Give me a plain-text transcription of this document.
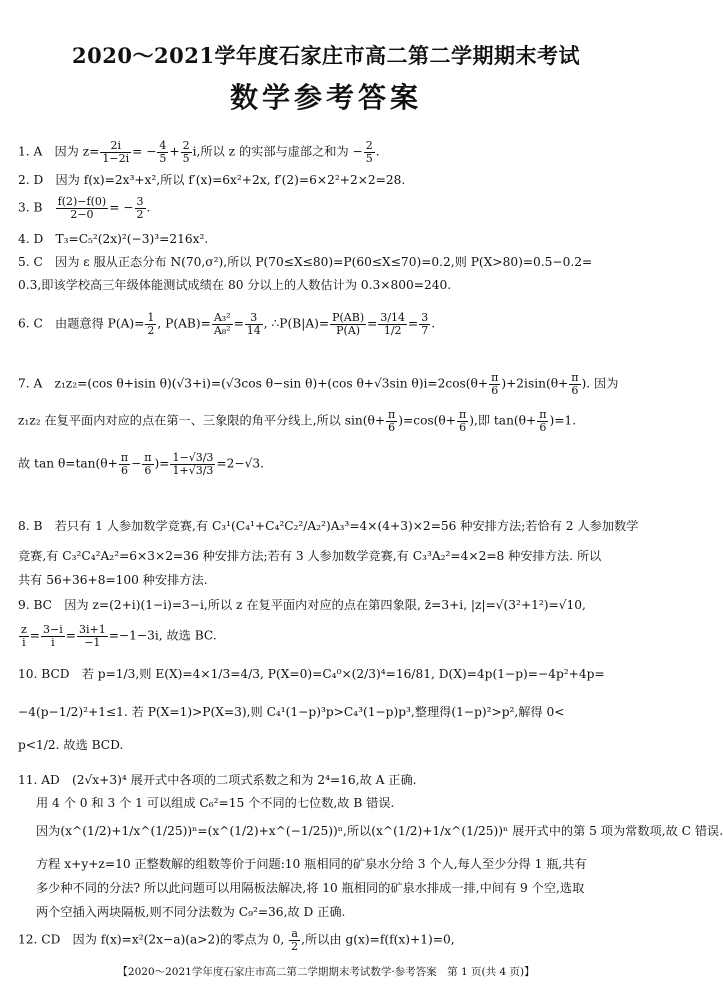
2020～2021学年度石家庄市高二第二学期期末考试
数学参考答案
1. A　因为 $z= \frac{2i}{1-2i}$ = − $\frac{4}{5} + \frac{2}{5} i$,所以 z 的实部与虚部之和为 − $\frac{2}{5}$ .
2. D　因为 f(x)=2x³+x²,所以 f′(x)=6x²+2x, f′(2)=6×2²+2×2=28.
3. B　 $\frac{f(2)-f(0)}{2-0}$ = − $\frac{3}{2}$ .
4. D　T₃=C₅²(2x)²(−3)³=216x².
5. C　因为 ε 服从正态分布 N(70,σ²),所以 P(70≤X≤80)=P(60≤X≤70)=0.2,则 P(X>80)=0.5−0.2=
0.3,即该学校高三年级体能测试成绩在 80 分以上的人数估计为 0.3×800=240.
6. C　由题意得 $P(A)= \frac{1}{2}$ , $P(AB)= \frac{\text{A₃²}}{\text{A₈²}} = \frac{3}{14}$ , ∴P(B|A)= $\frac{P(AB)}{P(A)} = \frac{3/14}{1/2} = \frac{3}{7}$ .
7. A　z₁z₂=(cos θ+isin θ)(√3+i)=(√3cos θ−sin θ)+(cos θ+√3sin $\theta)i=2\cos(\theta+ \frac{\pi}{6} )+2isin(\theta+ \frac{\pi}{6}$ ). 因为
z₁z₂ 在复平面内对应的点在第一、三象限的角平分线上,所以 $\sin(\theta+ \frac{\pi}{6} )=\cos(\theta+ \frac{\pi}{6}$ ),即 $\tan(\theta+ \frac{\pi}{6} )=1$.
故 $\tan \theta=\tan(\theta+ \frac{\pi}{6} - \frac{\pi}{6}$ )= $\frac{1-√3/3}{1+√3/3} =2-√3$.
8. B　若只有 1 人参加数学竞赛,有 C₃¹(C₄¹+C₄²C₂²/A₂²)A₃³=4×(4+3)×2=56 种安排方法;若恰有 2 人参加数学
竞赛,有 C₃²C₄²A₂²=6×3×2=36 种安排方法;若有 3 人参加数学竞赛,有 C₃³A₂²=4×2=8 种安排方法. 所以
共有 56+36+8=100 种安排方法.
9. BC　因为 z=(2+i)(1−i)=3−i,所以 z 在复平面内对应的点在第四象限, z̄=3+i, |z|=√(3²+1²)=√10,
$\frac{z}{i} = \frac{3-i}{i} = \frac{3i+1}{-1} =-1-3i$, 故选 BC.
10. BCD　若 p=1/3,则 E(X)=4×1/3=4/3, P(X=0)=C₄⁰×(2/3)⁴=16/81, D(X)=4p(1−p)=−4p²+4p=
−4(p−1/2)²+1≤1. 若 P(X=1)>P(X=3),则 C₄¹(1−p)³p>C₄³(1−p)p³,整理得(1−p)²>p²,解得 0<
p<1/2. 故选 BCD.
11. AD　(2√x+3)⁴ 展开式中各项的二项式系数之和为 2⁴=16,故 A 正确.
用 4 个 0 和 3 个 1 可以组成 C₆²=15 个不同的七位数,故 B 错误.
因为(x^(1/2)+1/x^(1/25))ⁿ=(x^(1/2)+x^(−1/25))ⁿ,所以(x^(1/2)+1/x^(1/25))ⁿ 展开式中的第 5 项为常数项,故 C 错误.
方程 x+y+z=10 正整数解的组数等价于问题:10 瓶相同的矿泉水分给 3 个人,每人至少分得 1 瓶,共有
多少种不同的分法? 所以此问题可以用隔板法解决,将 10 瓶相同的矿泉水排成一排,中间有 9 个空,选取
两个空插入两块隔板,则不同分法数为 C₉²=36,故 D 正确.
12. CD　因为 f(x)=x²(2x−a)(a>2)的零点为 0, $\frac{a}{2}$ ,所以由 g(x)=f(f(x)+1)=0,
【2020～2021学年度石家庄市高二第二学期期末考试数学·参考答案　第 1 页(共 4 页)】
